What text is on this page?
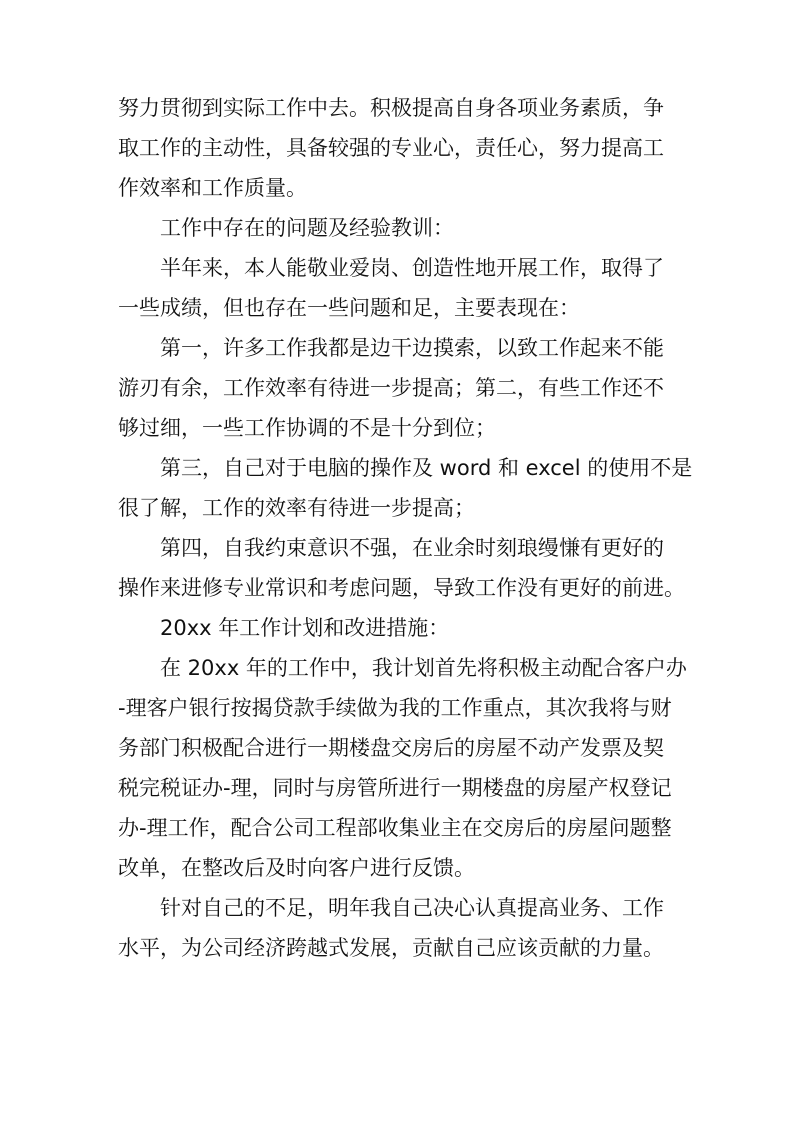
努力贯彻到实际工作中去。积极提高自身各项业务素质，争
取工作的主动性，具备较强的专业心，责任心，努力提高工
作效率和工作质量。
工作中存在的问题及经验教训：
半年来，本人能敬业爱岗、创造性地开展工作，取得了
一些成绩，但也存在一些问题和足，主要表现在：
第一，许多工作我都是边干边摸索，以致工作起来不能
游刃有余，工作效率有待进一步提高；第二，有些工作还不
够过细，一些工作协调的不是十分到位；
第三，自己对于电脑的操作及 word 和 excel 的使用不是
很了解，工作的效率有待进一步提高；
第四，自我约束意识不强，在业余时刻琅缦慊有更好的
操作来进修专业常识和考虑问题，导致工作没有更好的前进。
20xx 年工作计划和改进措施：
在 20xx 年的工作中，我计划首先将积极主动配合客户办
-理客户银行按揭贷款手续做为我的工作重点，其次我将与财
务部门积极配合进行一期楼盘交房后的房屋不动产发票及契
税完税证办-理，同时与房管所进行一期楼盘的房屋产权登记
办-理工作，配合公司工程部收集业主在交房后的房屋问题整
改单，在整改后及时向客户进行反馈。
针对自己的不足，明年我自己决心认真提高业务、工作
水平，为公司经济跨越式发展，贡献自己应该贡献的力量。
